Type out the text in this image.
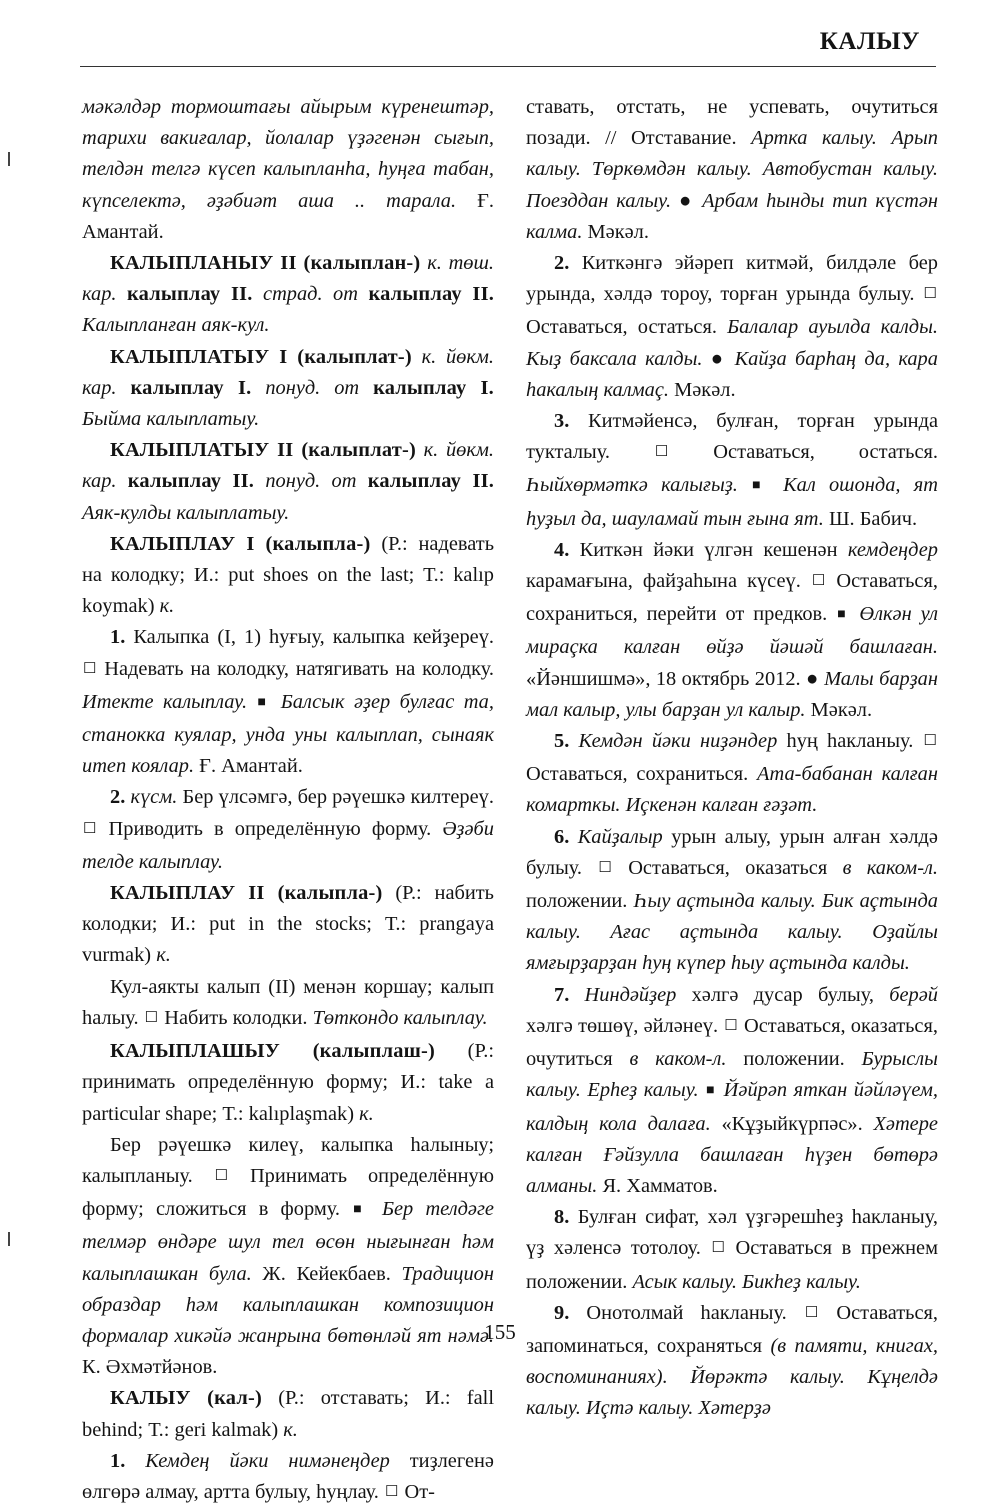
КАЛЫУ

мәкәлдәр тормоштағы айырым күренештәр, тарихи вакиғалар, йолалар үҙәгенән сығып, телдән телгә күсеп калыпланһа, һуңға табан, күпселектә, әҙәбиәт аша .. тарала. Ғ. Амантай.

КАЛЫПЛАНЫУ II (калыплан-) к. төш. кар. калыплау II. страд. от калыплау II. Калыпланған аяк-кул.

КАЛЫПЛАТЫУ I (калыплат-) к. йөкм. кар. калыплау I. понуд. от калыплау I. Быйма калыплатыу.

КАЛЫПЛАТЫУ II (калыплат-) к. йөкм. кар. калыплау II. понуд. от калыплау II. Аяк-кулды калыплатыу.

КАЛЫПЛАУ I (калыпла-) (Р.: надевать на колодку; И.: put shoes on the last; Т.: kalıp koymak) к.

1. Калыпка (I, 1) һуғыу, калыпка кейҙереү. ☐ Надевать на колодку, натягивать на колодку. Итекте калыплау. ■ Балсык әҙер булғас та, станокка куялар, унда уны калыплап, сынаяк итеп коялар. Ғ. Амантай.

2. күсм. Бер үлсәмгә, бер рәүешкә килтереү. ☐ Приводить в определённую форму. Әҙәби телде калыплау.

КАЛЫПЛАУ II (калыпла-) (Р.: набить колодки; И.: put in the stocks; Т.: prangaya vurmak) к.

Кул-аякты калып (II) менән коршау; калып һалыу. ☐ Набить колодки. Төткондо калыплау.

КАЛЫПЛАШЫУ (калыплаш-) (Р.: принимать определённую форму; И.: take a particular shape; Т.: kalıplaşmak) к.

Бер рәүешкә килеү, калыпка һалыныу; калыпланыу. ☐ Принимать определённую форму; сложиться в форму. ■ Бер телдәге телмәр өндәре шул тел өсөн нығынған һәм калыплашкан була. Ж. Кейекбаев. Традицион образдар һәм калыплашкан композицион формалар хикәйә жанрына бөтөнләй ят нәмә. К. Әхмәтйәнов.

КАЛЫУ (кал-) (Р.: отставать; И.: fall behind; Т.: geri kalmak) к.

1. Кемдең йәки нимәнеңдер тиҙлегенә өлгөрә алмау, артта булыу, һуңлау. ☐ От-

ставать, отстать, не успевать, очутиться позади. // Отставание. Артка калыу. Арып калыу. Төркөмдән калыу. Автобустан калыу. Поезддан калыу. ● Арбам һынды тип күстән калма. Мәкәл.

2. Киткәнгә эйәреп китмәй, билдәле бер урында, хәлдә тороу, торған урында булыу. ☐ Оставаться, остаться. Балалар ауылда калды. Кыҙ баксала калды. ● Кайҙа барһаң да, кара һакалың калмаç. Мәкәл.

3. Китмәйенсә, булған, торған урында тукталыу.	☐ Оставаться, остаться. Һыйхөрмәткә калығыҙ. ■ Кал ошонда, ят һуҙыл да, шауламай тын ғына ят. Ш. Бабич.

4. Киткән йәки үлгән кешенән кемдеңдер карамағына, файҙаһына күсеү. ☐ Оставаться, сохраниться, перейти от предков. ■ Өлкән ул мираçка калған өйҙә йәшәй башлаған. «Йәншишмә», 18 октябрь 2012. ● Малы барҙан мал калыр, улы барҙан ул калыр. Мәкәл.

5. Кемдән йәки ниҙәндер һуң һакланыу. ☐ Оставаться, сохраниться. Ата-бабанан калған комарткы. Иçкенән калған ғәҙәт.

6. Кайҙалыр урын алыу, урын алған хәлдә булыу. ☐ Оставаться, оказаться в каком-л. положении. Һыу аçтында калыу. Бик аçтында калыу. Ағас аçтында калыу. Оҙайлы ямғырҙарҙан һуң күпер һыу аçтында калды.

7. Ниндәйҙер хәлгә дусар булыу, берәй хәлгә төшөү, әйләнеү. ☐ Оставаться, оказаться, очутиться в каком-л. положении. Бурыслы калыу. Ерһеҙ калыу. ■ Йәйрәп яткан йәйләүем, калдың кола далаға. «Кұҙыйкүрпәс». Хәтере калған Ғәйзулла башлаған һүҙен бөтөрә алманы. Я. Хамматов.

8. Булған сифат, хәл үҙгәрешһеҙ һакланыу, үҙ хәленсә тотолоу. ☐ Оставаться в прежнем положении. Асык калыу. Бикһеҙ калыу.

9. Онотолмай һакланыу. ☐ Оставаться, запоминаться, сохраняться (в памяти, книгах, воспоминаниях). Йөрәктә калыу. Кұңелдә калыу. Иçтә калыу. Хәтерҙә

155
